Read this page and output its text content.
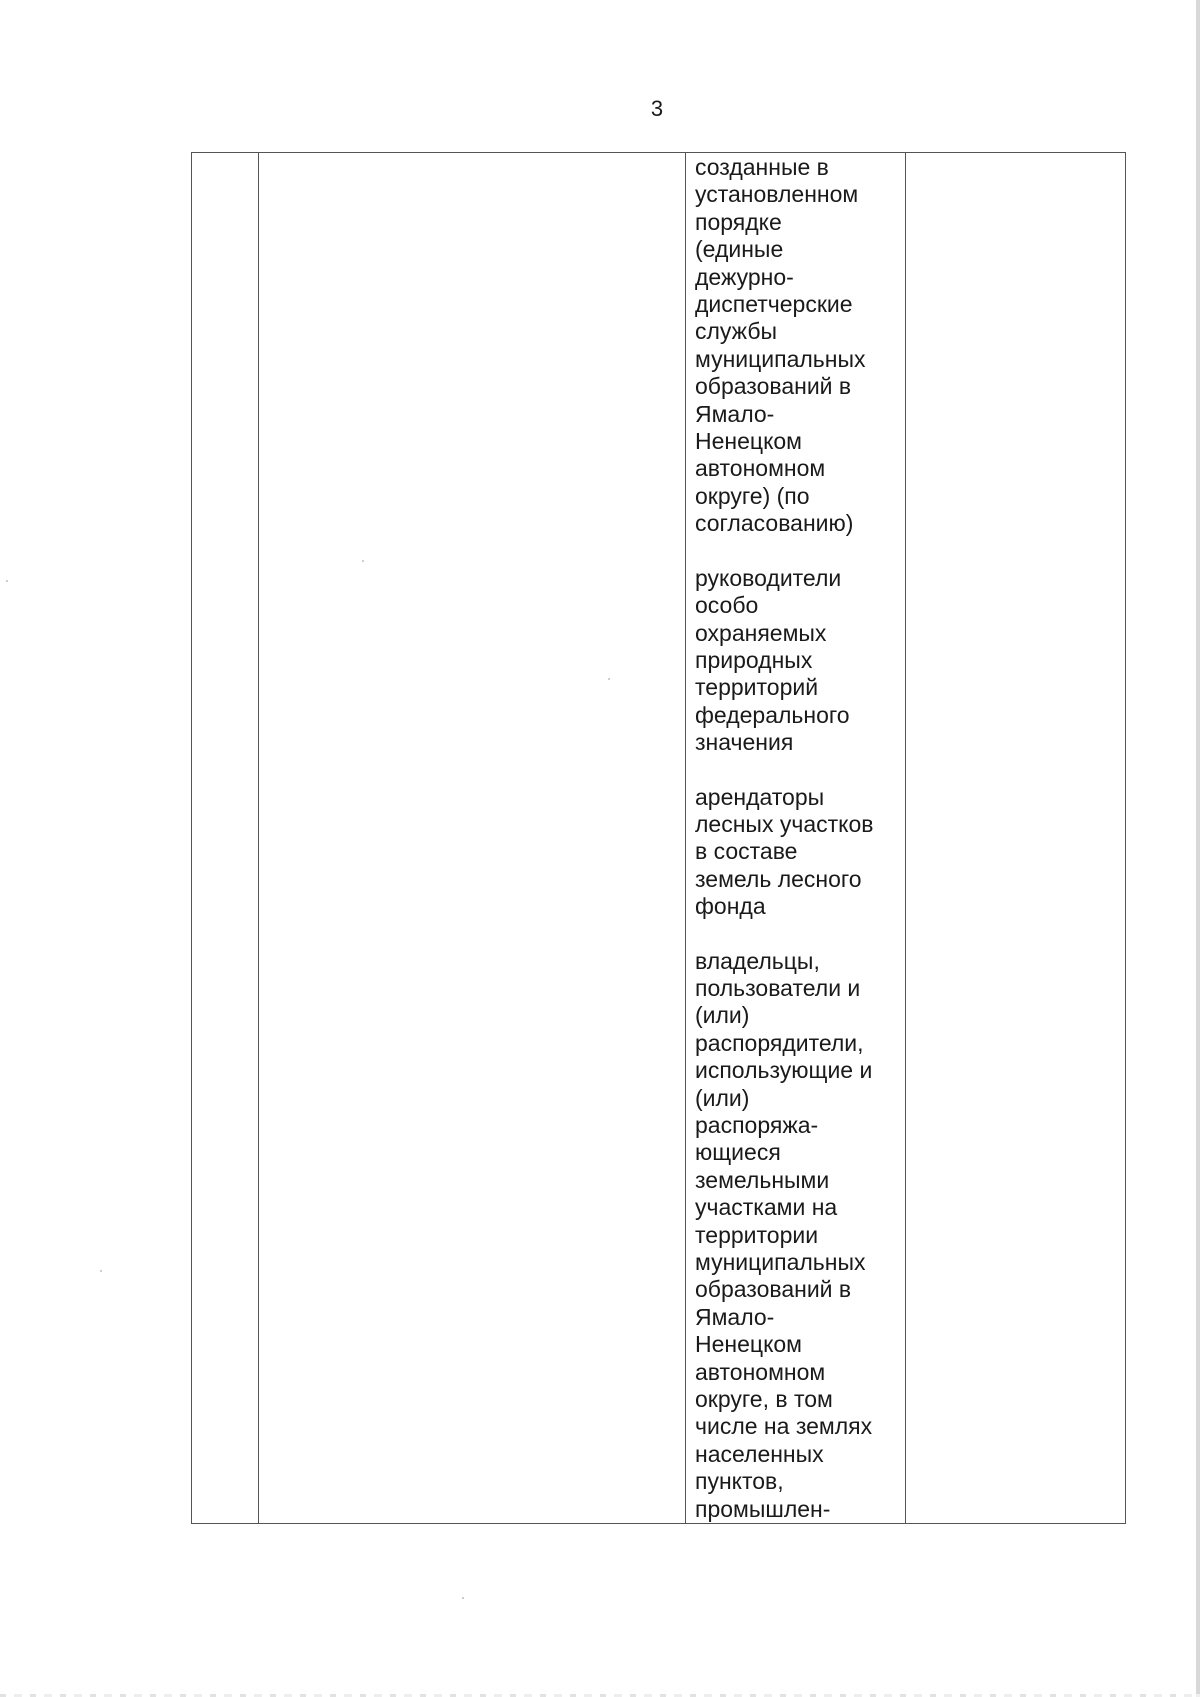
3

созданные в
установленном
порядке
(единые
дежурно-
диспетчерские
службы
муниципальных
образований в
Ямало-
Ненецком
автономном
округе) (по
согласованию)

руководители
особо
охраняемых
природных
территорий
федерального
значения

арендаторы
лесных участков
в составе
земель лесного
фонда

владельцы,
пользователи и
(или)
распорядители,
использующие и
(или)
распоряжа-
ющиеся
земельными
участками на
территории
муниципальных
образований в
Ямало-
Ненецком
автономном
округе, в том
числе на землях
населенных
пунктов,
промышлен-
